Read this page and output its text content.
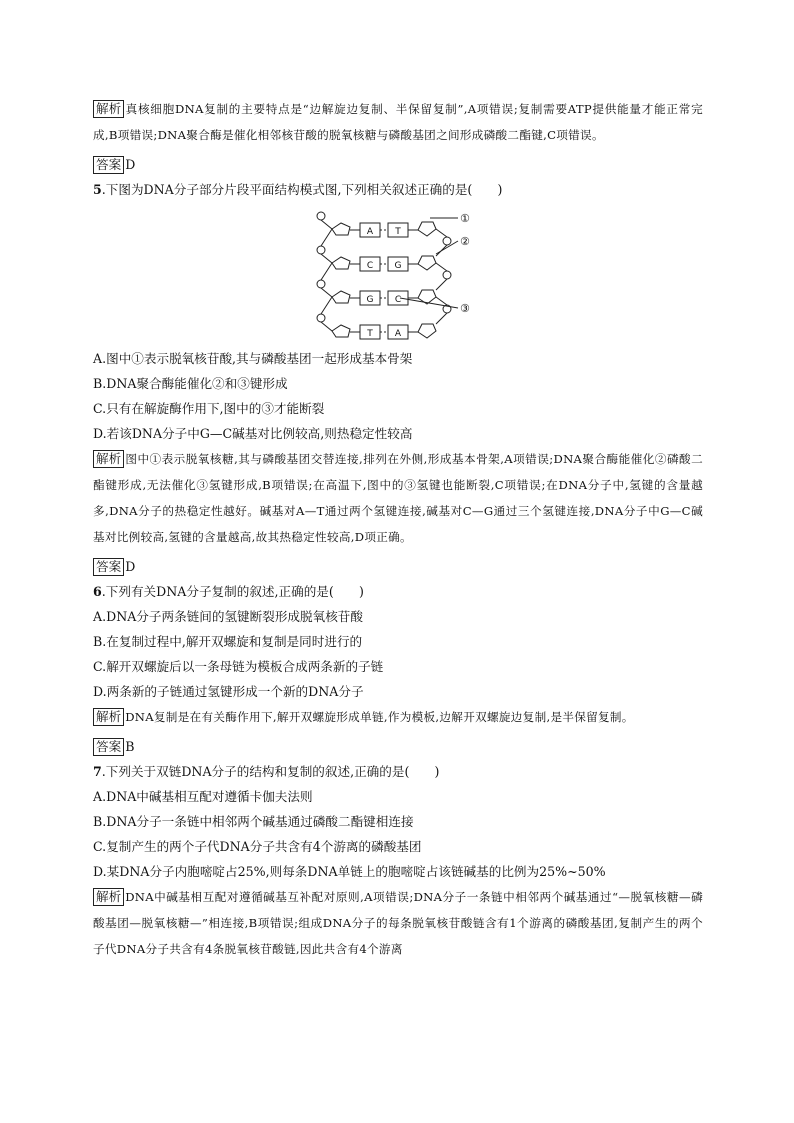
解析 真核细胞DNA复制的主要特点是“边解旋边复制、半保留复制”,A项错误;复制需要ATP提供能量才能正常完成,B项错误;DNA聚合酶是催化相邻核苷酸的脱氧核糖与磷酸基团之间形成磷酸二酯键,C项错误。

答案 D

5.下图为DNA分子部分片段平面结构模式图,下列相关叙述正确的是(　　)

A T
C G
G C
T A
①
②
③

A.图中①表示脱氧核苷酸,其与磷酸基团一起形成基本骨架

B.DNA聚合酶能催化②和③键形成

C.只有在解旋酶作用下,图中的③才能断裂

D.若该DNA分子中G—C碱基对比例较高,则热稳定性较高

解析 图中①表示脱氧核糖,其与磷酸基团交替连接,排列在外侧,形成基本骨架,A项错误;DNA聚合酶能催化②磷酸二酯键形成,无法催化③氢键形成,B项错误;在高温下,图中的③氢键也能断裂,C项错误;在DNA分子中,氢键的含量越多,DNA分子的热稳定性越好。碱基对A—T通过两个氢键连接,碱基对C—G通过三个氢键连接,DNA分子中G—C碱基对比例较高,氢键的含量越高,故其热稳定性较高,D项正确。

答案 D

6.下列有关DNA分子复制的叙述,正确的是(　　)

A.DNA分子两条链间的氢键断裂形成脱氧核苷酸

B.在复制过程中,解开双螺旋和复制是同时进行的

C.解开双螺旋后以一条母链为模板合成两条新的子链

D.两条新的子链通过氢键形成一个新的DNA分子

解析 DNA复制是在有关酶作用下,解开双螺旋形成单链,作为模板,边解开双螺旋边复制,是半保留复制。

答案 B

7.下列关于双链DNA分子的结构和复制的叙述,正确的是(　　)

A.DNA中碱基相互配对遵循卡伽夫法则

B.DNA分子一条链中相邻两个碱基通过磷酸二酯键相连接

C.复制产生的两个子代DNA分子共含有4个游离的磷酸基团

D.某DNA分子内胞嘧啶占25%,则每条DNA单链上的胞嘧啶占该链碱基的比例为25%~50%

解析 DNA中碱基相互配对遵循碱基互补配对原则,A项错误;DNA分子一条链中相邻两个碱基通过“—脱氧核糖—磷酸基团—脱氧核糖—”相连接,B项错误;组成DNA分子的每条脱氧核苷酸链含有1个游离的磷酸基团,复制产生的两个子代DNA分子共含有4条脱氧核苷酸链,因此共含有4个游离
